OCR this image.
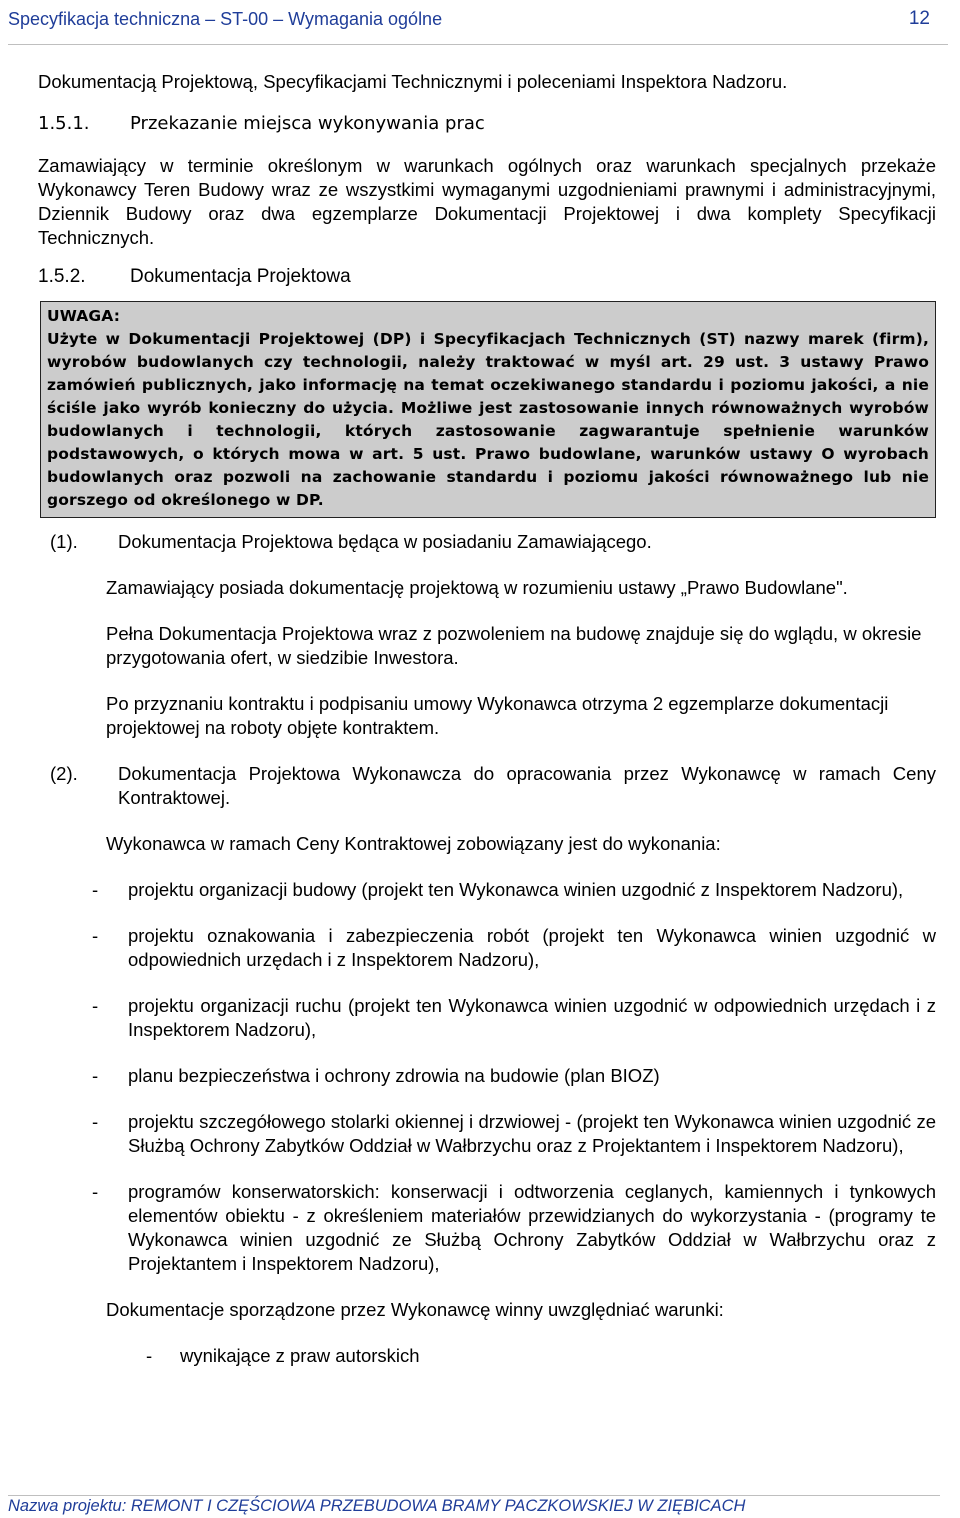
Specyfikacja techniczna – ST-00 – Wymagania ogólne	12

Dokumentacją Projektową, Specyfikacjami Technicznymi i poleceniami Inspektora Nadzoru.

1.5.1.	Przekazanie miejsca wykonywania prac

Zamawiający w terminie określonym w warunkach ogólnych oraz warunkach specjalnych przekaże Wykonawcy Teren Budowy wraz ze wszystkimi wymaganymi uzgodnieniami prawnymi i administracyjnymi, Dziennik Budowy oraz dwa egzemplarze Dokumentacji Projektowej i dwa komplety Specyfikacji Technicznych.

1.5.2.	Dokumentacja Projektowa
UWAGA:

Użyte w Dokumentacji Projektowej (DP) i Specyfikacjach Technicznych (ST) nazwy marek (firm), wyrobów budowlanych czy technologii, należy traktować w myśl art. 29 ust. 3 ustawy Prawo zamówień publicznych, jako informację na temat oczekiwanego standardu i poziomu jakości, a nie ściśle jako wyrób konieczny do użycia. Możliwe jest zastosowanie innych równoważnych wyrobów budowlanych i technologii, których zastosowanie zagwarantuje spełnienie warunków podstawowych, o których mowa w art. 5 ust. Prawo budowlane, warunków ustawy O wyrobach budowlanych oraz pozwoli na zachowanie standardu i poziomu jakości równoważnego lub nie gorszego od określonego w DP.

(1).	Dokumentacja Projektowa będąca w posiadaniu Zamawiającego.

Zamawiający posiada dokumentację projektową w rozumieniu ustawy „Prawo Budowlane".

Pełna Dokumentacja Projektowa wraz z pozwoleniem na budowę znajduje się do wglądu, w okresie przygotowania ofert, w siedzibie Inwestora.

Po przyznaniu kontraktu i podpisaniu umowy Wykonawca otrzyma 2 egzemplarze dokumentacji projektowej na roboty objęte kontraktem.

(2).	Dokumentacja Projektowa Wykonawcza do opracowania przez Wykonawcę w ramach Ceny Kontraktowej.

Wykonawca w ramach Ceny Kontraktowej zobowiązany jest do wykonania:

-	projektu organizacji budowy (projekt ten Wykonawca winien uzgodnić z Inspektorem Nadzoru),
-	projektu oznakowania i zabezpieczenia robót (projekt ten Wykonawca winien uzgodnić w odpowiednich urzędach i z Inspektorem Nadzoru),
-	projektu organizacji ruchu (projekt ten Wykonawca winien uzgodnić w odpowiednich urzędach i z Inspektorem Nadzoru),
-	planu bezpieczeństwa i ochrony zdrowia na budowie (plan BIOZ)
-	projektu szczegółowego stolarki okiennej i drzwiowej - (projekt ten Wykonawca winien uzgodnić ze Służbą Ochrony Zabytków Oddział w Wałbrzychu oraz z Projektantem i Inspektorem Nadzoru),
-	programów konserwatorskich: konserwacji i odtworzenia ceglanych, kamiennych i tynkowych elementów obiektu - z określeniem materiałów przewidzianych do wykorzystania - (programy te Wykonawca winien uzgodnić ze Służbą Ochrony Zabytków Oddział w Wałbrzychu oraz z Projektantem i Inspektorem Nadzoru),

Dokumentacje sporządzone przez Wykonawcę winny uwzględniać warunki:

-	wynikające z praw autorskich
Nazwa projektu: REMONT I CZĘŚCIOWA PRZEBUDOWA BRAMY PACZKOWSKIEJ W ZIĘBICACH
